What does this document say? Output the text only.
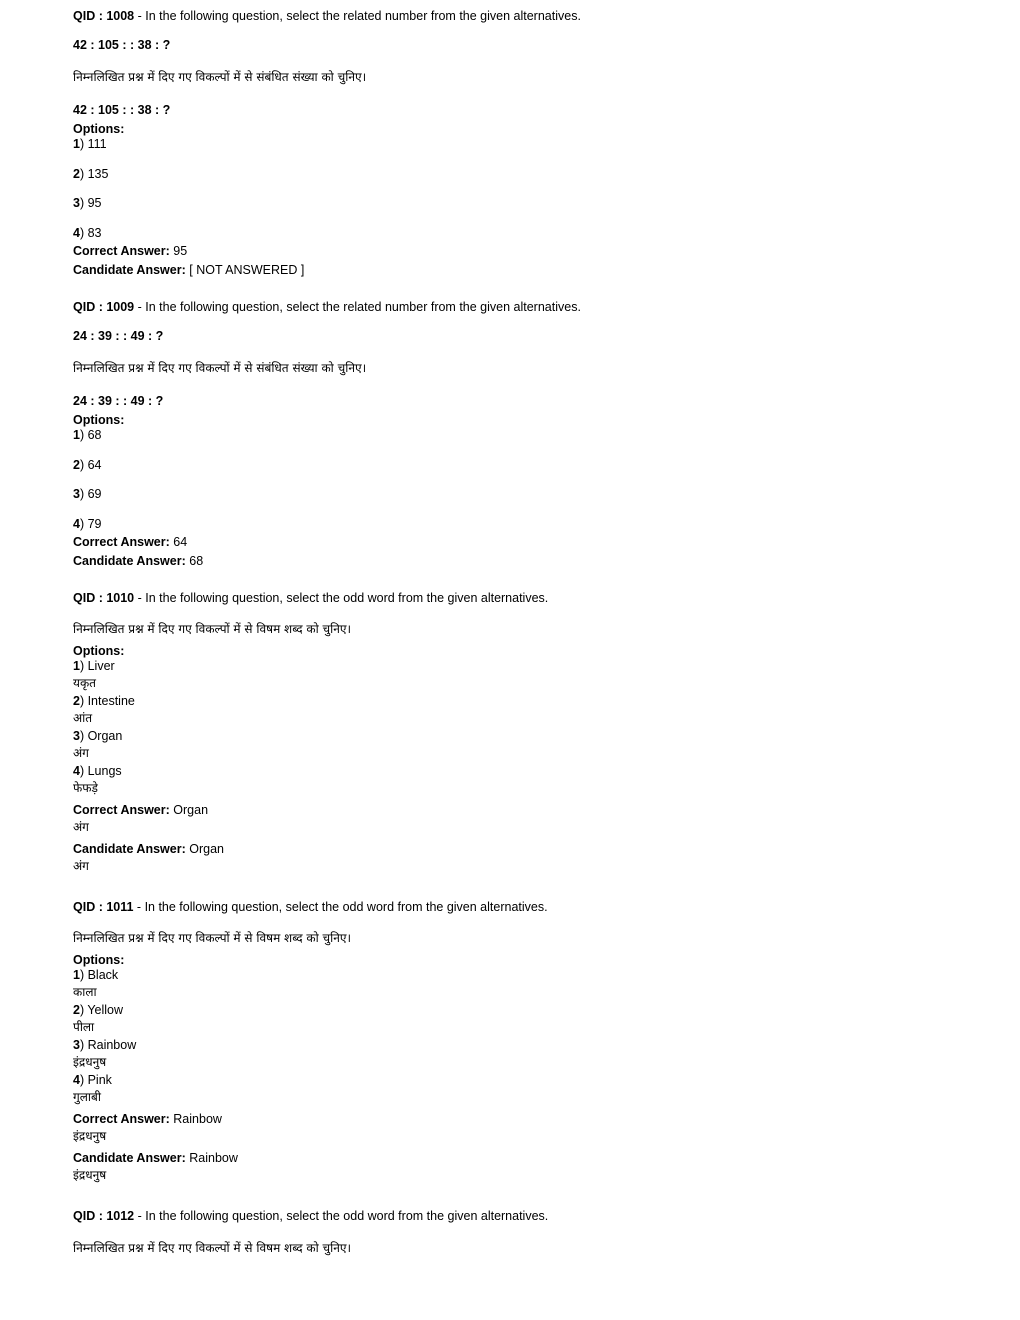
QID : 1008 - In the following question, select the related number from the given alternatives.
42 : 105 : : 38 : ?
निम्नलिखित प्रश्न में दिए गए विकल्पों में से संबंधित संख्या को चुनिए।
42 : 105 : : 38 : ?
Options:
1) 111
2) 135
3) 95
4) 83
Correct Answer: 95
Candidate Answer: [ NOT ANSWERED ]
QID : 1009 - In the following question, select the related number from the given alternatives.
24 : 39 : : 49 : ?
निम्नलिखित प्रश्न में दिए गए विकल्पों में से संबंधित संख्या को चुनिए।
24 : 39 : : 49 : ?
Options:
1) 68
2) 64
3) 69
4) 79
Correct Answer: 64
Candidate Answer: 68
QID : 1010 - In the following question, select the odd word from the given alternatives.
निम्नलिखित प्रश्न में दिए गए विकल्पों में से विषम शब्द को चुनिए।
Options:
1) Liver
यकृत
2) Intestine
आंत
3) Organ
अंग
4) Lungs
फेफड़े
Correct Answer: Organ
अंग
Candidate Answer: Organ
अंग
QID : 1011 - In the following question, select the odd word from the given alternatives.
निम्नलिखित प्रश्न में दिए गए विकल्पों में से विषम शब्द को चुनिए।
Options:
1) Black
काला
2) Yellow
पीला
3) Rainbow
इंद्रधनुष
4) Pink
गुलाबी
Correct Answer: Rainbow
इंद्रधनुष
Candidate Answer: Rainbow
इंद्रधनुष
QID : 1012 - In the following question, select the odd word from the given alternatives.
निम्नलिखित प्रश्न में दिए गए विकल्पों में से विषम शब्द को चुनिए।
